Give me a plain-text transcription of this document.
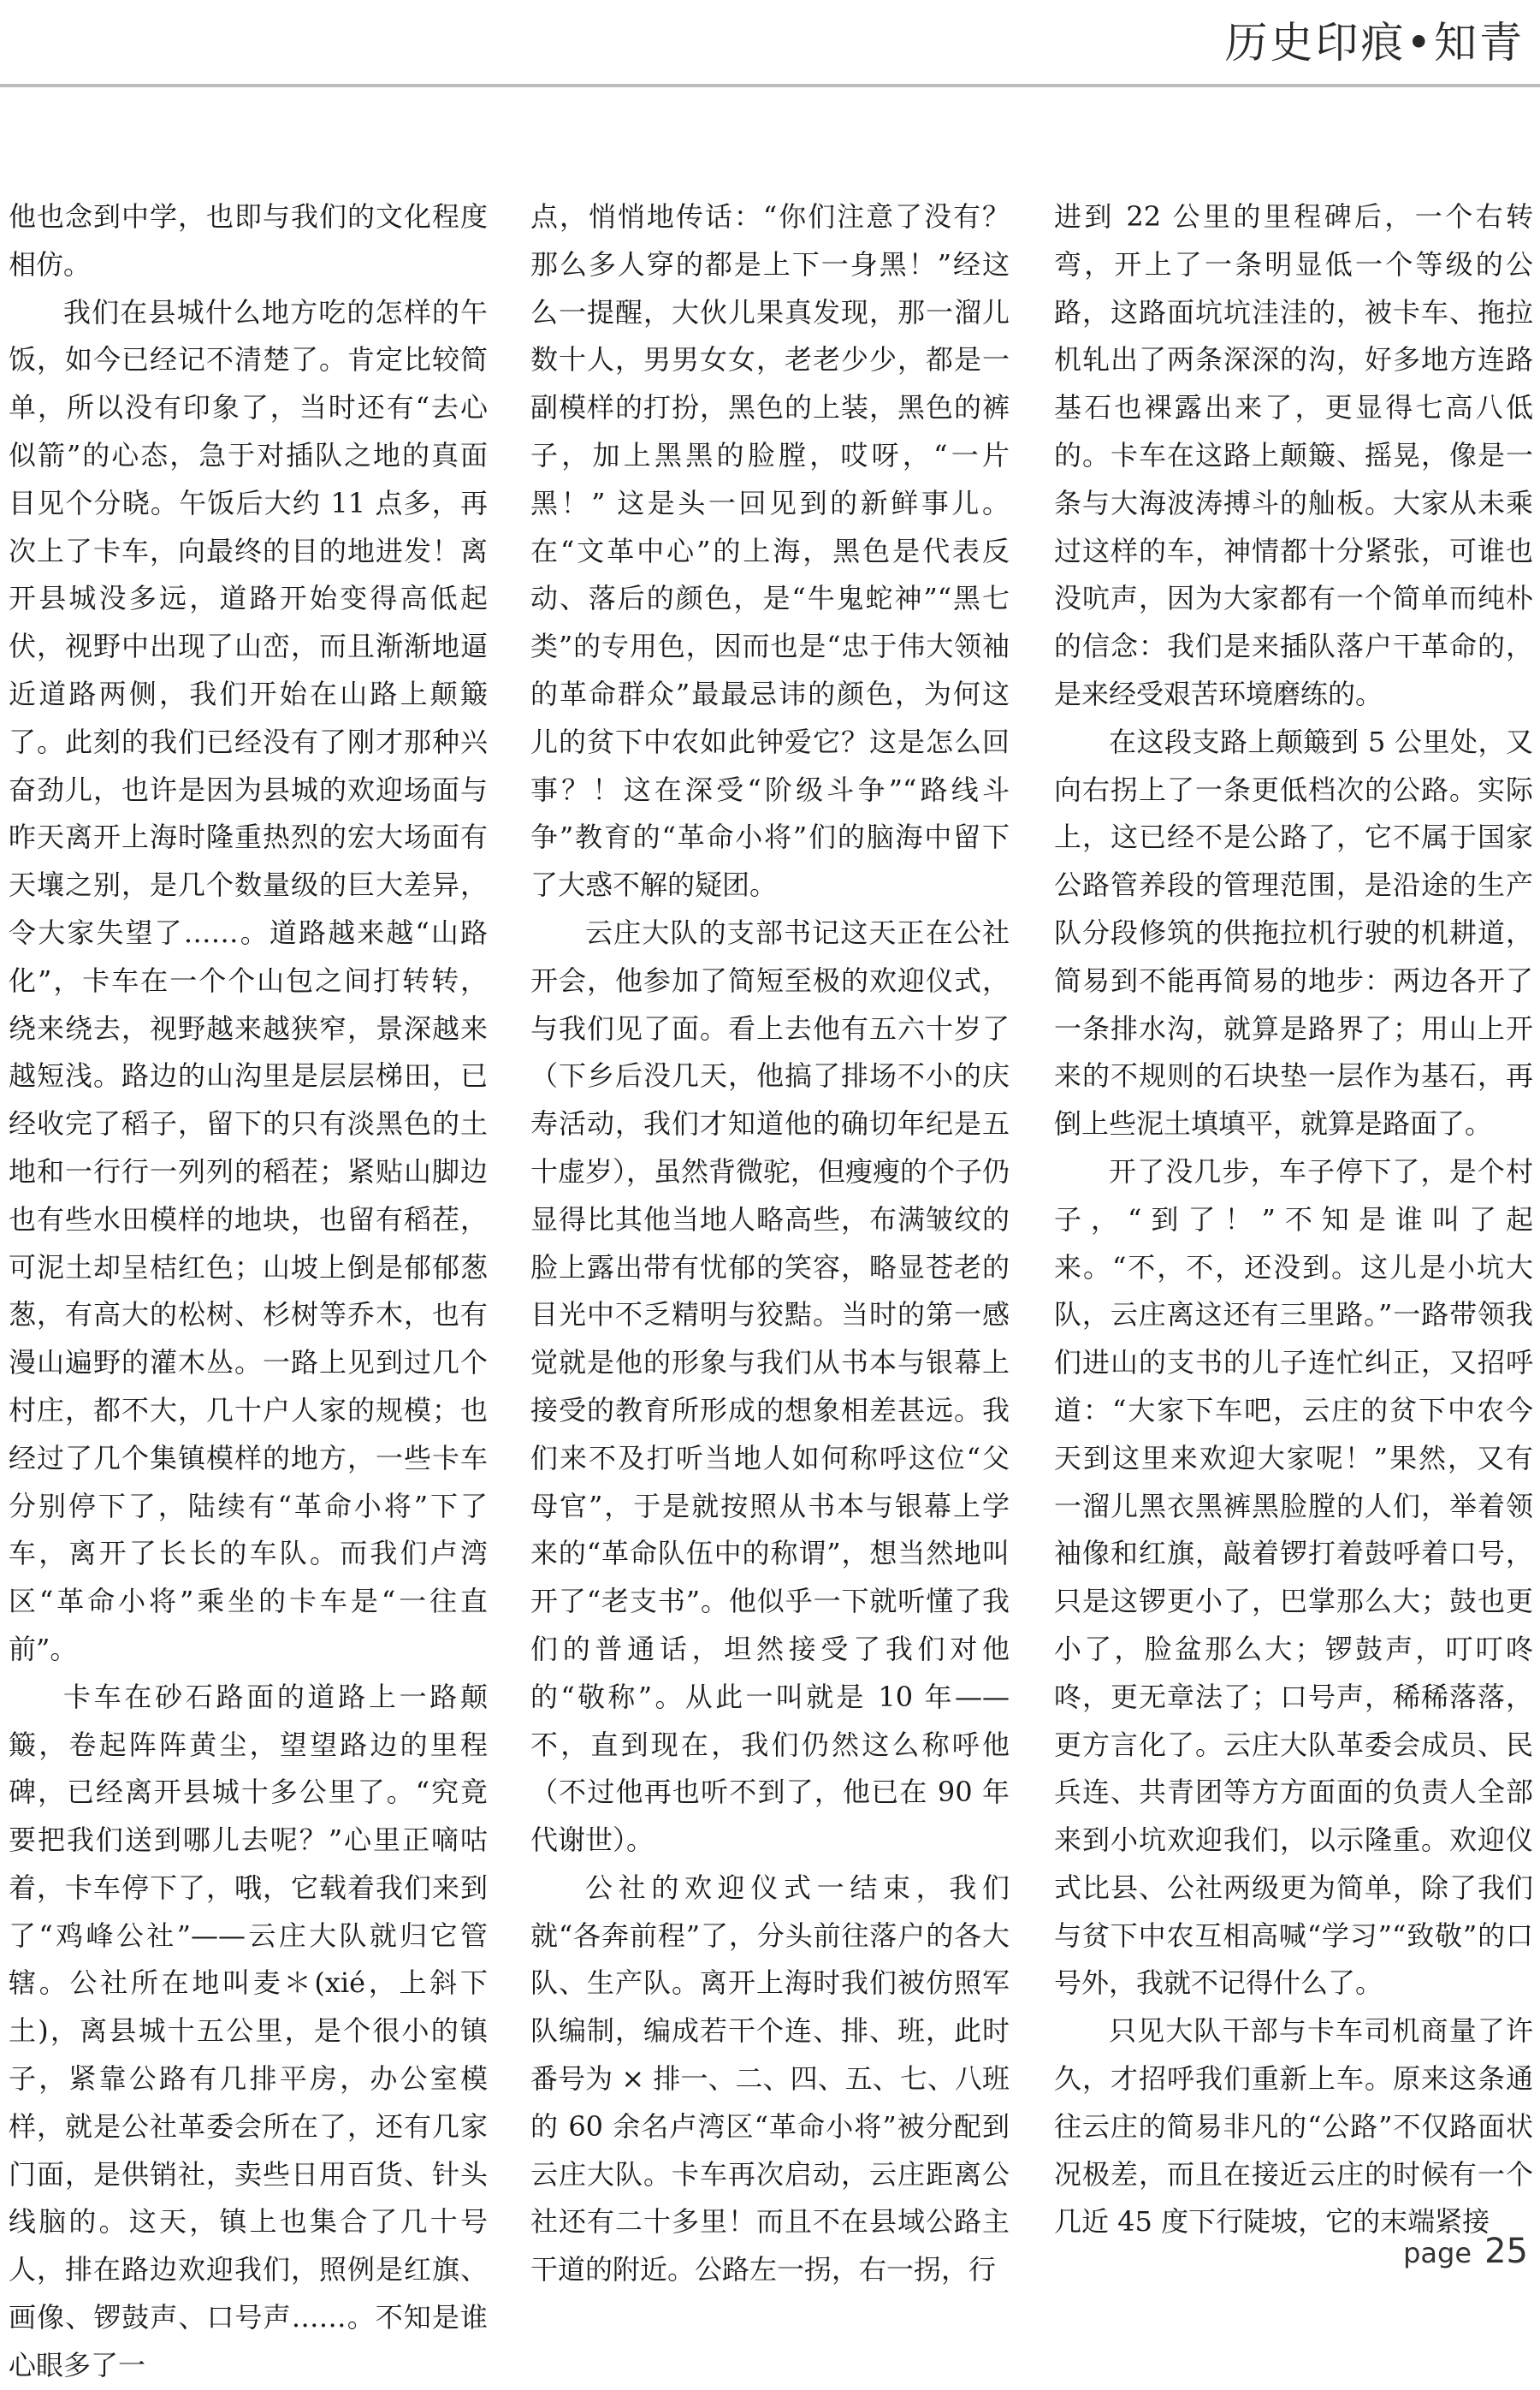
历史印痕•知青

他也念到中学，也即与我们的文化程度相仿。

我们在县城什么地方吃的怎样的午饭，如今已经记不清楚了。肯定比较简单，所以没有印象了，当时还有“去心似箭”的心态，急于对插队之地的真面目见个分晓。午饭后大约 11 点多，再次上了卡车，向最终的目的地进发！离开县城没多远，道路开始变得高低起伏，视野中出现了山峦，而且渐渐地逼近道路两侧，我们开始在山路上颠簸了。此刻的我们已经没有了刚才那种兴奋劲儿，也许是因为县城的欢迎场面与昨天离开上海时隆重热烈的宏大场面有天壤之别，是几个数量级的巨大差异，令大家失望了……。道路越来越“山路化”，卡车在一个个山包之间打转转，绕来绕去，视野越来越狭窄，景深越来越短浅。路边的山沟里是层层梯田，已经收完了稻子，留下的只有淡黑色的土地和一行行一列列的稻茬；紧贴山脚边也有些水田模样的地块，也留有稻茬，可泥土却呈桔红色；山坡上倒是郁郁葱葱，有高大的松树、杉树等乔木，也有漫山遍野的灌木丛。一路上见到过几个村庄，都不大，几十户人家的规模；也经过了几个集镇模样的地方，一些卡车分别停下了，陆续有“革命小将”下了车，离开了长长的车队。而我们卢湾区“革命小将”乘坐的卡车是“一往直前”。

卡车在砂石路面的道路上一路颠簸，卷起阵阵黄尘，望望路边的里程碑，已经离开县城十多公里了。“究竟要把我们送到哪儿去呢？”心里正嘀咕着，卡车停下了，哦，它载着我们来到了“鸡峰公社”——云庄大队就归它管辖。公社所在地叫麦＊(xié，上斜下土)，离县城十五公里，是个很小的镇子，紧靠公路有几排平房，办公室模样，就是公社革委会所在了，还有几家门面，是供销社，卖些日用百货、针头线脑的。这天，镇上也集合了几十号人，排在路边欢迎我们，照例是红旗、画像、锣鼓声、口号声……。不知是谁心眼多了一

点，悄悄地传话：“你们注意了没有？那么多人穿的都是上下一身黑！”经这么一提醒，大伙儿果真发现，那一溜儿数十人，男男女女，老老少少，都是一副模样的打扮，黑色的上装，黑色的裤子，加上黑黑的脸膛，哎呀，“一片黑！” 这是头一回见到的新鲜事儿。在“文革中心”的上海，黑色是代表反动、落后的颜色，是“牛鬼蛇神”“黑七类”的专用色，因而也是“忠于伟大领袖的革命群众”最最忌讳的颜色，为何这儿的贫下中农如此钟爱它？这是怎么回事？！这在深受“阶级斗争”“路线斗争”教育的“革命小将”们的脑海中留下了大惑不解的疑团。

云庄大队的支部书记这天正在公社开会，他参加了简短至极的欢迎仪式，与我们见了面。看上去他有五六十岁了（下乡后没几天，他搞了排场不小的庆寿活动，我们才知道他的确切年纪是五十虚岁），虽然背微驼，但瘦瘦的个子仍显得比其他当地人略高些，布满皱纹的脸上露出带有忧郁的笑容，略显苍老的目光中不乏精明与狡黠。当时的第一感觉就是他的形象与我们从书本与银幕上接受的教育所形成的想象相差甚远。我们来不及打听当地人如何称呼这位“父母官”，于是就按照从书本与银幕上学来的“革命队伍中的称谓”，想当然地叫开了“老支书”。他似乎一下就听懂了我们的普通话，坦然接受了我们对他的“敬称”。从此一叫就是 10 年——不，直到现在，我们仍然这么称呼他（不过他再也听不到了，他已在 90 年代谢世）。

公社的欢迎仪式一结束，我们就“各奔前程”了，分头前往落户的各大队、生产队。离开上海时我们被仿照军队编制，编成若干个连、排、班，此时番号为 × 排一、二、四、五、七、八班的 60 余名卢湾区“革命小将”被分配到云庄大队。卡车再次启动，云庄距离公社还有二十多里！而且不在县域公路主干道的附近。公路左一拐，右一拐，行

进到 22 公里的里程碑后，一个右转弯，开上了一条明显低一个等级的公路，这路面坑坑洼洼的，被卡车、拖拉机轧出了两条深深的沟，好多地方连路基石也裸露出来了，更显得七高八低的。卡车在这路上颠簸、摇晃，像是一条与大海波涛搏斗的舢板。大家从未乘过这样的车，神情都十分紧张，可谁也没吭声，因为大家都有一个简单而纯朴的信念：我们是来插队落户干革命的，是来经受艰苦环境磨练的。

在这段支路上颠簸到 5 公里处，又向右拐上了一条更低档次的公路。实际上，这已经不是公路了，它不属于国家公路管养段的管理范围，是沿途的生产队分段修筑的供拖拉机行驶的机耕道，简易到不能再简易的地步：两边各开了一条排水沟，就算是路界了；用山上开来的不规则的石块垫一层作为基石，再倒上些泥土填填平，就算是路面了。

开了没几步，车子停下了，是个村子，“到了！”不知是谁叫了起来。“不，不，还没到。这儿是小坑大队，云庄离这还有三里路。”一路带领我们进山的支书的儿子连忙纠正，又招呼道：“大家下车吧，云庄的贫下中农今天到这里来欢迎大家呢！”果然，又有一溜儿黑衣黑裤黑脸膛的人们，举着领袖像和红旗，敲着锣打着鼓呼着口号，只是这锣更小了，巴掌那么大；鼓也更小了，脸盆那么大；锣鼓声，叮叮咚咚，更无章法了；口号声，稀稀落落，更方言化了。云庄大队革委会成员、民兵连、共青团等方方面面的负责人全部来到小坑欢迎我们，以示隆重。欢迎仪式比县、公社两级更为简单，除了我们与贫下中农互相高喊“学习”“致敬”的口号外，我就不记得什么了。

只见大队干部与卡车司机商量了许久，才招呼我们重新上车。原来这条通往云庄的简易非凡的“公路”不仅路面状况极差，而且在接近云庄的时候有一个几近 45 度下行陡坡，它的末端紧接

page 25
